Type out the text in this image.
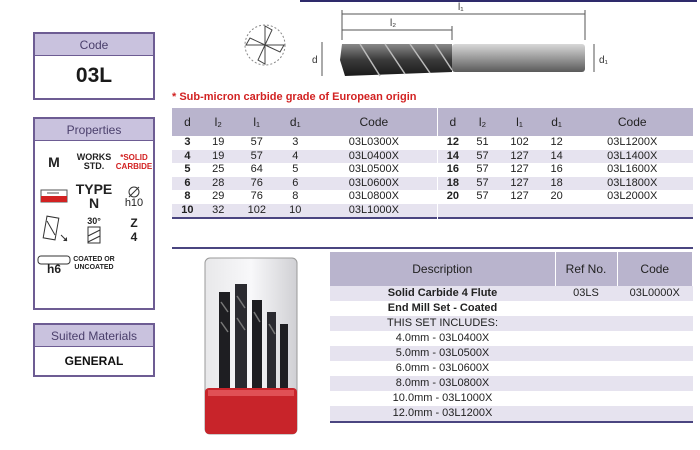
Code
03L
Properties
M	WORKS STD.
*SOLID CARBIDE
TYPE
N h10
30° Z
4
h6
COATED OR UNCOATED
Suited Materials
GENERAL
l₁
l₂
d	d₁
* Sub-micron carbide grade of European origin
d	l₂	l₁	d₁	Code
3	19	57	3	03L0300X
4	19	57	4	03L0400X
5	25	64	5	03L0500X
6	28	76	6	03L0600X
8	29	76	8	03L0800X
10	32	102	10	03L1000X
d	l₂	l₁	d₁	Code
12	51	102	12	03L1200X
14	57	127	14	03L1400X
16	57	127	16	03L1600X
18	57	127	18	03L1800X
20	57	127	20	03L2000X

Description	Ref No.	Code
Solid Carbide 4 Flute	03LS	03L0000X
End Mill Set - Coated		
THIS SET INCLUDES:		
4.0mm - 03L0400X		
5.0mm - 03L0500X		
6.0mm - 03L0600X		
8.0mm - 03L0800X		
10.0mm - 03L1000X		
12.0mm - 03L1200X		
